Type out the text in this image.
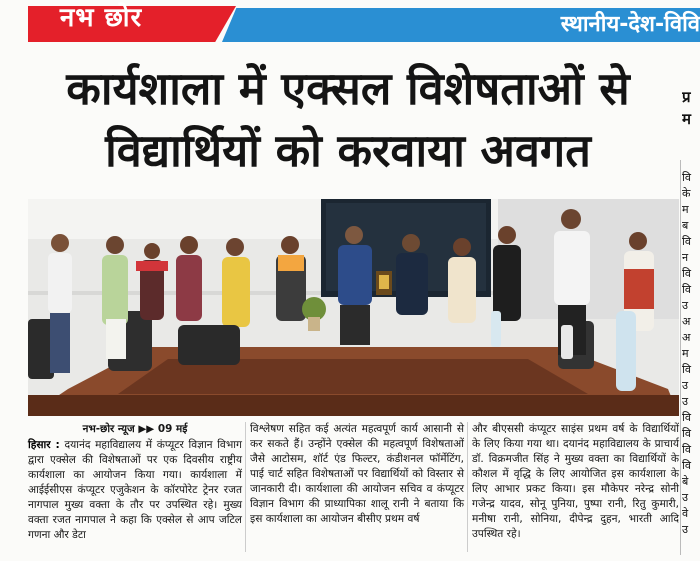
नभ छोर	स्थानीय-देश-विवि
कार्यशाला में एक्सल विशेषताओं से
विद्यार्थियों को करवाया अवगत
प्र म
वि
के
म
ब
वि
न
वि
वि
उ
अ
अ
म
वि
उ
उ
वि
वि
वि
वि
बे
उ
वे
उ
नभ-छोर न्यूज ▶▶ 09 मई
हिसार : दयानंद महाविद्यालय में कंप्यूटर विज्ञान विभाग द्वारा एक्सेल की विशेषताओं पर एक दिवसीय राष्ट्रीय कार्यशाला का आयोजन किया गया। कार्यशाला में आईईसीएस कंप्यूटर एजुकेशन के कॉरपोरेट ट्रेनर रजत नागपाल मुख्य वक्ता के तौर पर उपस्थित रहे। मुख्य वक्ता रजत नागपाल ने कहा कि एक्सेल से आप जटिल गणना और डेटा
विश्लेषण सहित कई अत्यंत महत्वपूर्ण कार्य आसानी से कर सकते हैं। उन्होंने एक्सेल की महत्वपूर्ण विशेषताओं जैसे आटोसम, शॉर्ट एंड फिल्टर, कंडीशनल फॉर्मेटिंग, पाई चार्ट सहित विशेषताओं पर विद्यार्थियों को विस्तार से जानकारी दी। कार्यशाला की आयोजन सचिव व कंप्यूटर विज्ञान विभाग की प्राध्यापिका शालू रानी ने बताया कि इस कार्यशाला का आयोजन बीसीए प्रथम वर्ष
और बीएससी कंप्यूटर साइंस प्रथम वर्ष के विद्यार्थियों के लिए किया गया था। दयानंद महाविद्यालय के प्राचार्य डॉ. विक्रमजीत सिंह ने मुख्य वक्ता का विद्यार्थियों के कौशल में वृद्धि के लिए आयोजित इस कार्यशाला के लिए आभार प्रकट किया। इस मौकेपर नरेन्द्र सोनी गजेन्द्र यादव, सोनू पुनिया, पुष्पा रानी, रितु कुमारी, मनीषा रानी, सोनिया, दीपेन्द्र दुहन, भारती आदि उपस्थित रहे।
